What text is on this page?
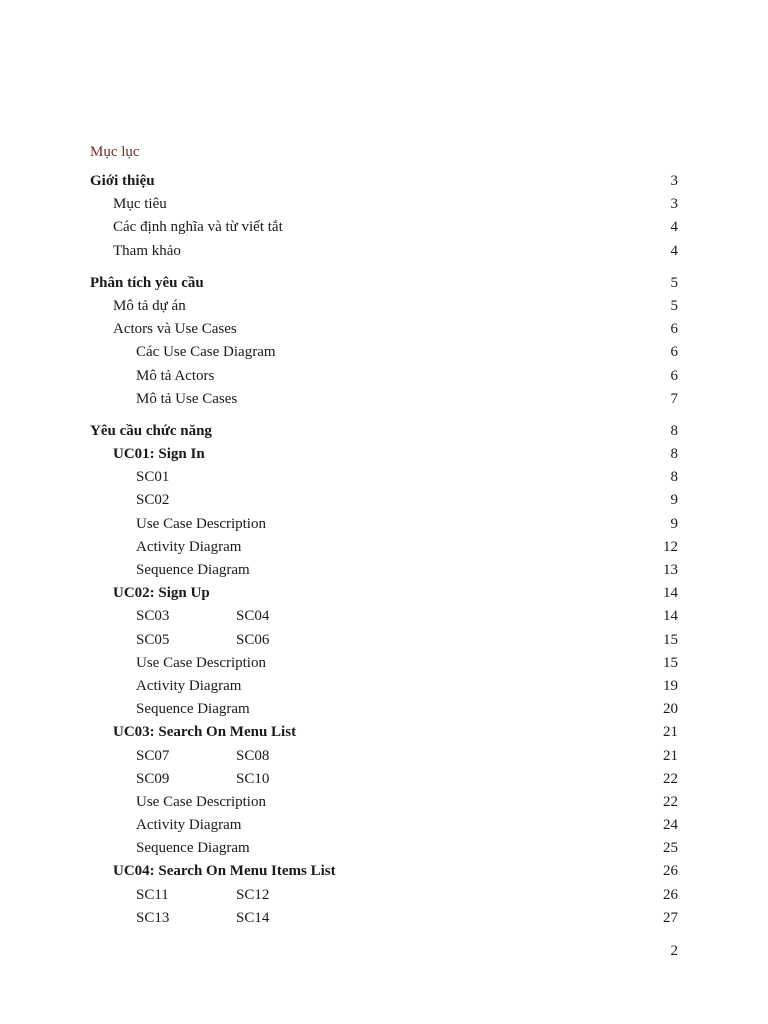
Mục lục
Giới thiệu	3
Mục tiêu	3
Các định nghĩa và từ viết tắt	4
Tham khảo	4
Phân tích yêu cầu	5
Mô tả dự án	5
Actors và Use Cases	6
Các Use Case Diagram	6
Mô tả Actors	6
Mô tả Use Cases	7
Yêu cầu chức năng	8
UC01: Sign In	8
SC01	8
SC02	9
Use Case Description	9
Activity Diagram	12
Sequence Diagram	13
UC02: Sign Up	14
SC03	SC04	14
SC05	SC06	15
Use Case Description	15
Activity Diagram	19
Sequence Diagram	20
UC03: Search On Menu List	21
SC07	SC08	21
SC09	SC10	22
Use Case Description	22
Activity Diagram	24
Sequence Diagram	25
UC04: Search On Menu Items List	26
SC11	SC12	26
SC13	SC14	27
2
